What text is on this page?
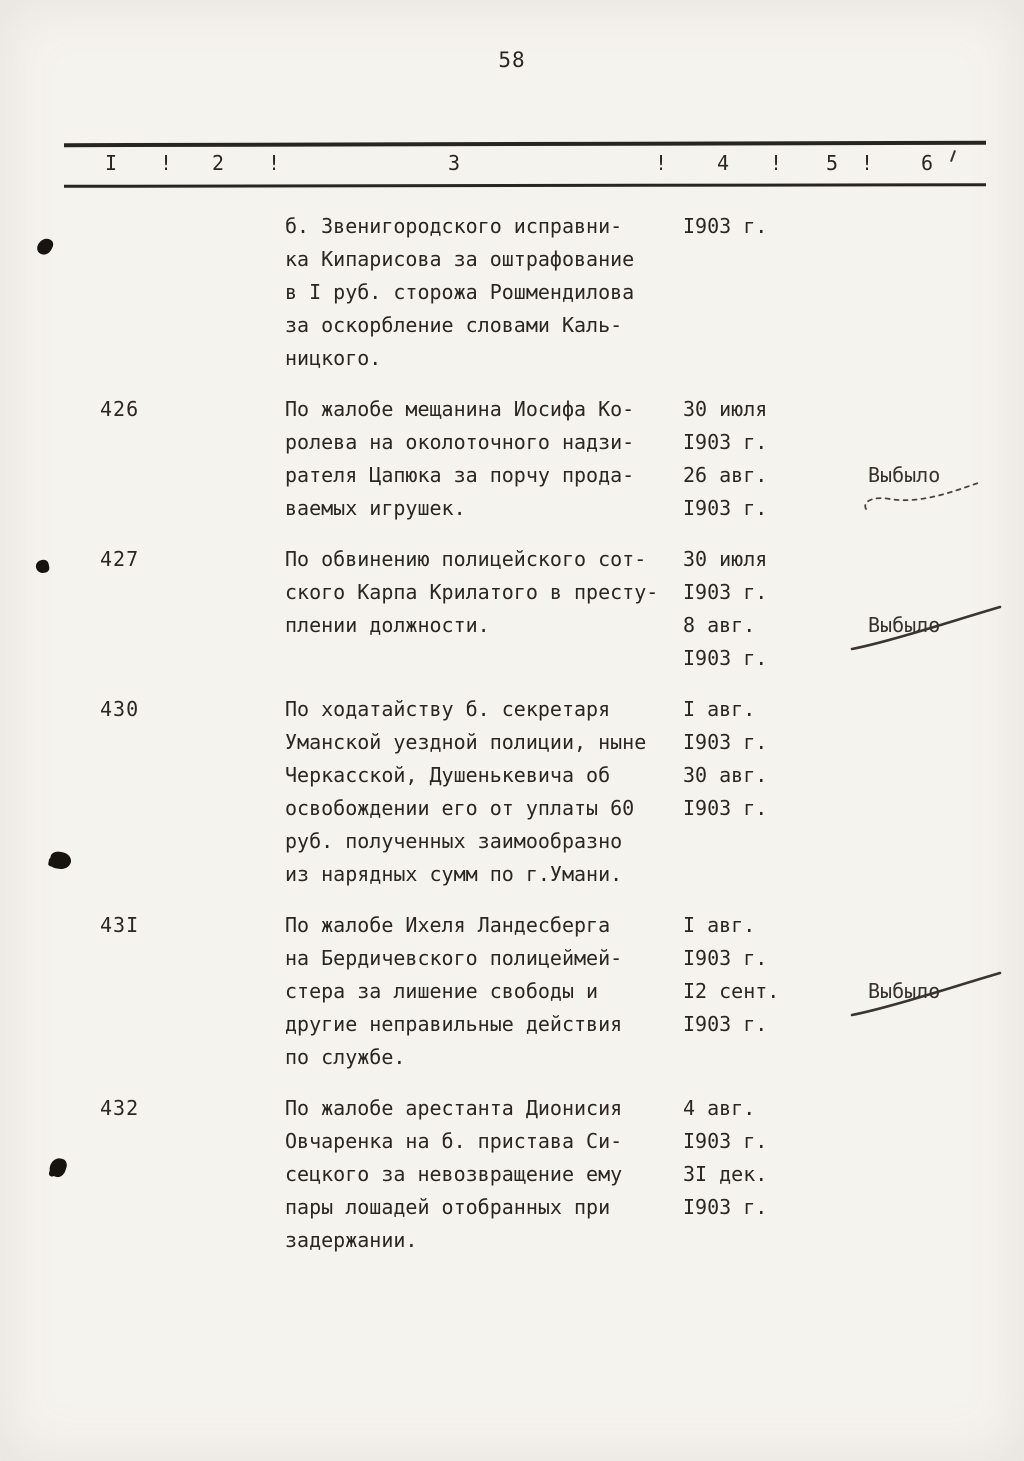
58
I ! 2 !	3	! 4 ! 5 ! 6
б. Звенигородского исправни-	I903 г.
ка Кипарисова за оштрафование
в I руб. сторожа Рошмендилова
за оскорбление словами Каль-
ницкого.
426	По жалобе мещанина Иосифа Ко-	30 июля
ролева на околоточного надзи-	I903 г.
рателя Цапюка за порчу прода-	26 авг.	Выбыло
ваемых игрушек.	I903 г.
427	По обвинению полицейского сот-	30 июля
ского Карпа Крилатого в престу-	I903 г.
плении должности.	8 авг.	Выбыло
I903 г.
430	По ходатайству б. секретаря	I авг.
Уманской уездной полиции, ныне	I903 г.
Черкасской, Душенькевича об	30 авг.
освобождении его от уплаты 60	I903 г.
руб. полученных заимообразно
из нарядных сумм по г.Умани.
43I	По жалобе Ихеля Ландесберга	I авг.
на Бердичевского полицеймей-	I903 г.
стера за лишение свободы и	I2 сент.	Выбыло
другие неправильные действия	I903 г.
по службе.
432	По жалобе арестанта Дионисия	4 авг.
Овчаренка на б. пристава Си-	I903 г.
сецкого за невозвращение ему	3I дек.
пары лошадей отобранных при	I903 г.
задержании.
